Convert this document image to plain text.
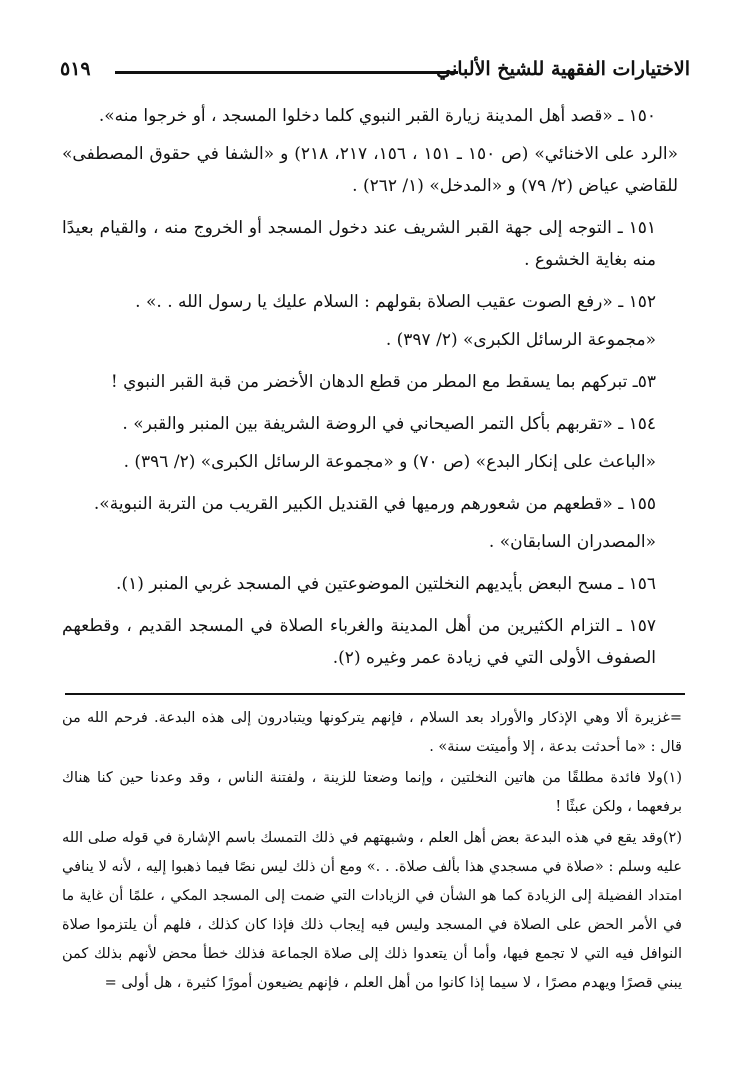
الاختيارات الفقهية للشيخ الألباني
٥١٩
١٥٠ ـ «قصد أهل المدينة زيارة القبر النبوي كلما دخلوا المسجد ، أو خرجوا منه».
«الرد على الاخنائي» (ص ١٥٠ ـ ١٥١ ، ١٥٦، ٢١٧، ٢١٨) و «الشفا في حقوق المصطفى» للقاضي عياض (٢/ ٧٩) و «المدخل» (١/ ٢٦٢) .
١٥١ ـ التوجه إلى جهة القبر الشريف عند دخول المسجد أو الخروج منه ، والقيام بعيدًا منه بغاية الخشوع .
١٥٢ ـ «رفع الصوت عقيب الصلاة بقولهم : السلام عليك يا رسول الله . .» .
«مجموعة الرسائل الكبرى» (٢/ ٣٩٧) .
٥٣ـ تبركهم بما يسقط مع المطر من قطع الدهان الأخضر من قبة القبر النبوي !
١٥٤ ـ «تقربهم بأكل التمر الصيحاني في الروضة الشريفة بين المنبر والقبر» .
«الباعث على إنكار البدع» (ص ٧٠) و «مجموعة الرسائل الكبرى» (٢/ ٣٩٦) .
١٥٥ ـ «قطعهم من شعورهم ورميها في القنديل الكبير القريب من التربة النبوية».
«المصدران السابقان» .
١٥٦ ـ مسح البعض بأيديهم النخلتين الموضوعتين في المسجد غربي المنبر (١).
١٥٧ ـ التزام الكثيرين من أهل المدينة والغرباء الصلاة في المسجد القديم ، وقطعهم الصفوف الأولى التي في زيادة عمر وغيره (٢).
=غزيرة ألا وهي الإذكار والأوراد بعد السلام ، فإنهم يتركونها ويتبادرون إلى هذه البدعة. فرحم الله من قال : «ما أحدثت بدعة ، إلا وأميتت سنة» .
(١)ولا فائدة مطلقًا من هاتين النخلتين ، وإنما وضعتا للزينة ، ولفتنة الناس ، وقد وعدنا حين كنا هناك برفعهما ، ولكن عبثًا !
(٢)وقد يقع في هذه البدعة بعض أهل العلم ، وشبهتهم في ذلك التمسك باسم الإشارة في قوله صلى الله عليه وسلم : «صلاة في مسجدي هذا بألف صلاة. . .» ومع أن ذلك ليس نصًا فيما ذهبوا إليه ، لأنه لا ينافي امتداد الفضيلة إلى الزيادة كما هو الشأن في الزيادات التي ضمت إلى المسجد المكي ، علمًا أن غاية ما في الأمر الحض على الصلاة في المسجد وليس فيه إيجاب ذلك فإذا كان كذلك ، فلهم أن يلتزموا صلاة النوافل فيه التي لا تجمع فيها، وأما أن يتعدوا ذلك إلى صلاة الجماعة فذلك خطأ محض لأنهم بذلك كمن يبني قصرًا ويهدم مصرًا ، لا سيما إذا كانوا من أهل العلم ، فإنهم يضيعون أمورًا كثيرة ، هل أولى =
